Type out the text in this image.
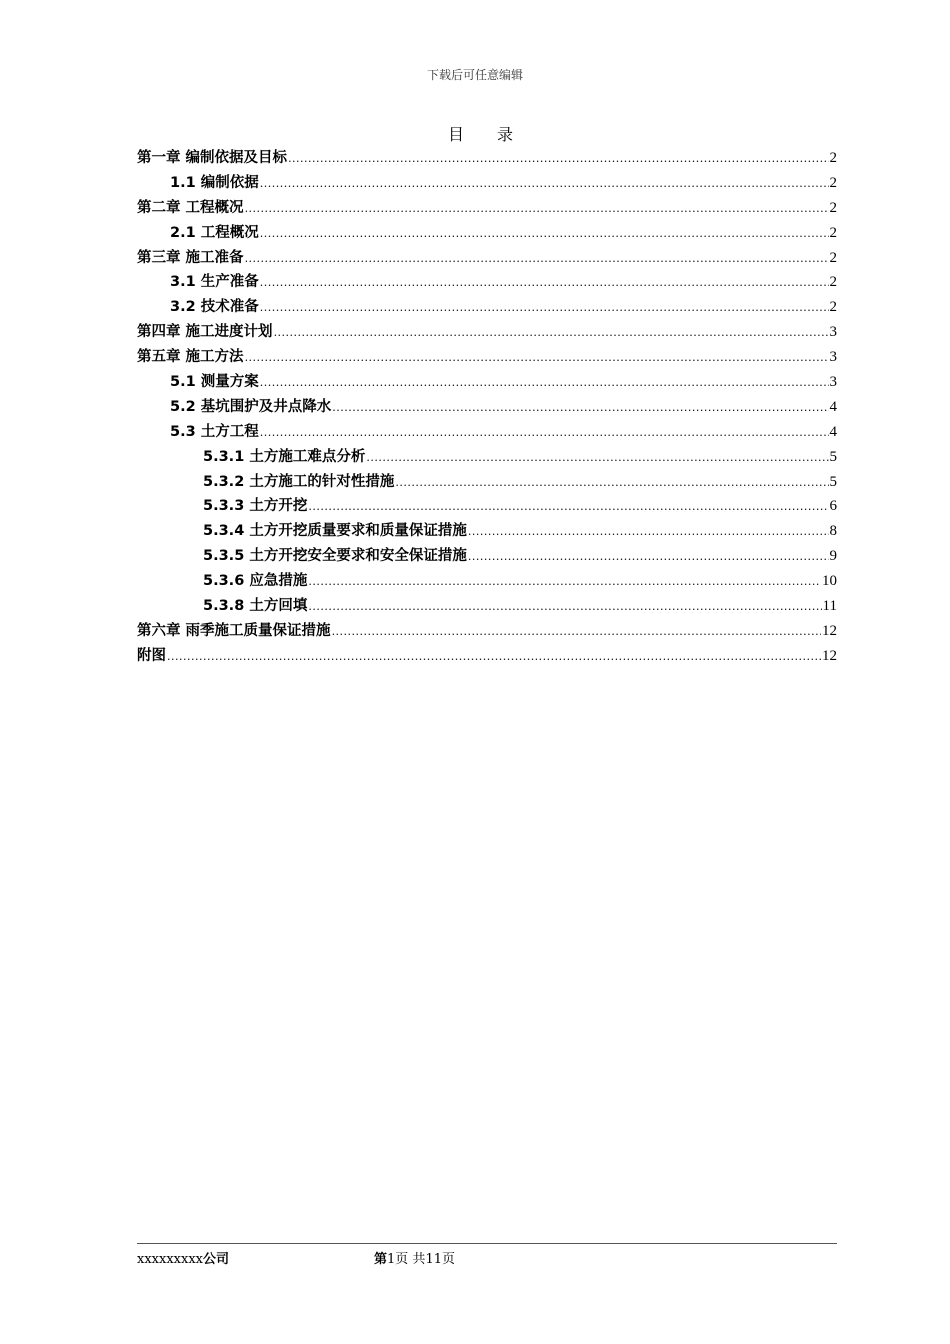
下载后可任意编辑
目 录
第一章 编制依据及目标 .....	2
1.1 编制依据 .....	2
第二章 工程概况 .....	2
2.1 工程概况 .....	2
第三章 施工准备 .....	2
3.1 生产准备 .....	2
3.2 技术准备 .....	2
第四章 施工进度计划 .....	3
第五章 施工方法 .....	3
5.1 测量方案 .....	3
5.2 基坑围护及井点降水 .....	4
5.3 土方工程 .....	4
5.3.1 土方施工难点分析 .....	5
5.3.2 土方施工的针对性措施 .....	5
5.3.3 土方开挖 .....	6
5.3.4 土方开挖质量要求和质量保证措施 .....	8
5.3.5 土方开挖安全要求和安全保证措施 .....	9
5.3.6 应急措施 .....	10
5.3.8 土方回填 .....	11
第六章 雨季施工质量保证措施 .....	12
附图 .....	12
xxxxxxxxx公司	第1页 共11页
